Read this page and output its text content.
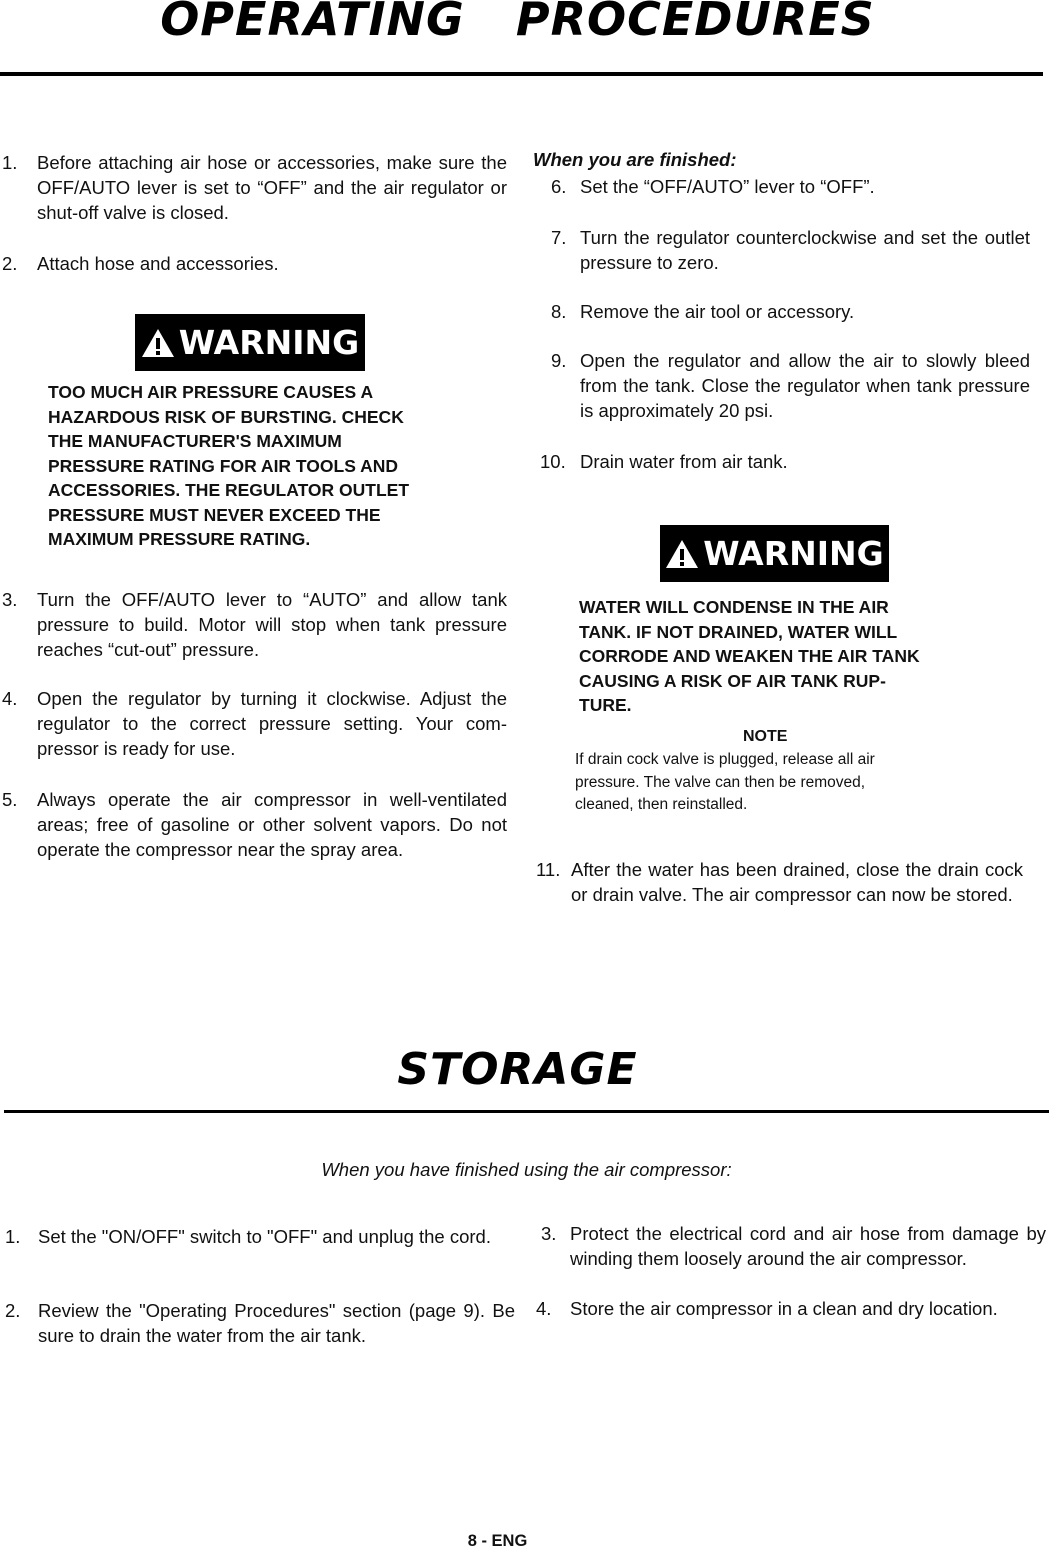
OPERATING   PROCEDURES
1. Before attaching air hose or accessories, make sure the OFF/AUTO lever is set to “OFF” and the air regulator or shut-off valve is closed.
2. Attach hose and accessories.
WARNING
TOO MUCH AIR PRESSURE CAUSES A
HAZARDOUS RISK OF BURSTING. CHECK
THE MANUFACTURER'S MAXIMUM
PRESSURE RATING FOR AIR TOOLS AND
ACCESSORIES. THE REGULATOR OUTLET
PRESSURE MUST NEVER EXCEED THE
MAXIMUM PRESSURE RATING.
3. Turn the OFF/AUTO lever to “AUTO” and allow tank pressure to build. Motor will stop when tank pressure reaches “cut-out” pressure.
4. Open the regulator by turning it clockwise. Adjust the regulator to the correct pressure setting. Your com-pressor is ready for use.
5. Always operate the air compressor in well-ventilated areas; free of gasoline or other solvent vapors. Do not operate the compressor near the spray area.
When you are finished:
6. Set the “OFF/AUTO” lever to “OFF”.
7. Turn the regulator counterclockwise and set the outlet pressure to zero.
8. Remove the air tool or accessory.
9. Open the regulator and allow the air to slowly bleed from the tank. Close the regulator when tank pressure is approximately 20 psi.
10. Drain water from air tank.
WARNING
WATER WILL CONDENSE IN THE AIR
TANK. IF NOT DRAINED, WATER WILL
CORRODE AND WEAKEN THE AIR TANK
CAUSING A RISK OF AIR TANK RUP-
TURE.
NOTE
If drain cock valve is plugged, release all air
pressure. The valve can then be removed,
cleaned, then reinstalled.
11. After the water has been drained, close the drain cock or drain valve. The air compressor can now be stored.
STORAGE
When you have finished using the air compressor:
1. Set the "ON/OFF" switch to "OFF" and unplug the cord.
2. Review the "Operating Procedures" section (page 9). Be sure to drain the water from the air tank.
3. Protect the electrical cord and air hose from damage by winding them loosely around the air compressor.
4. Store the air compressor in a clean and dry location.
8 - ENG
